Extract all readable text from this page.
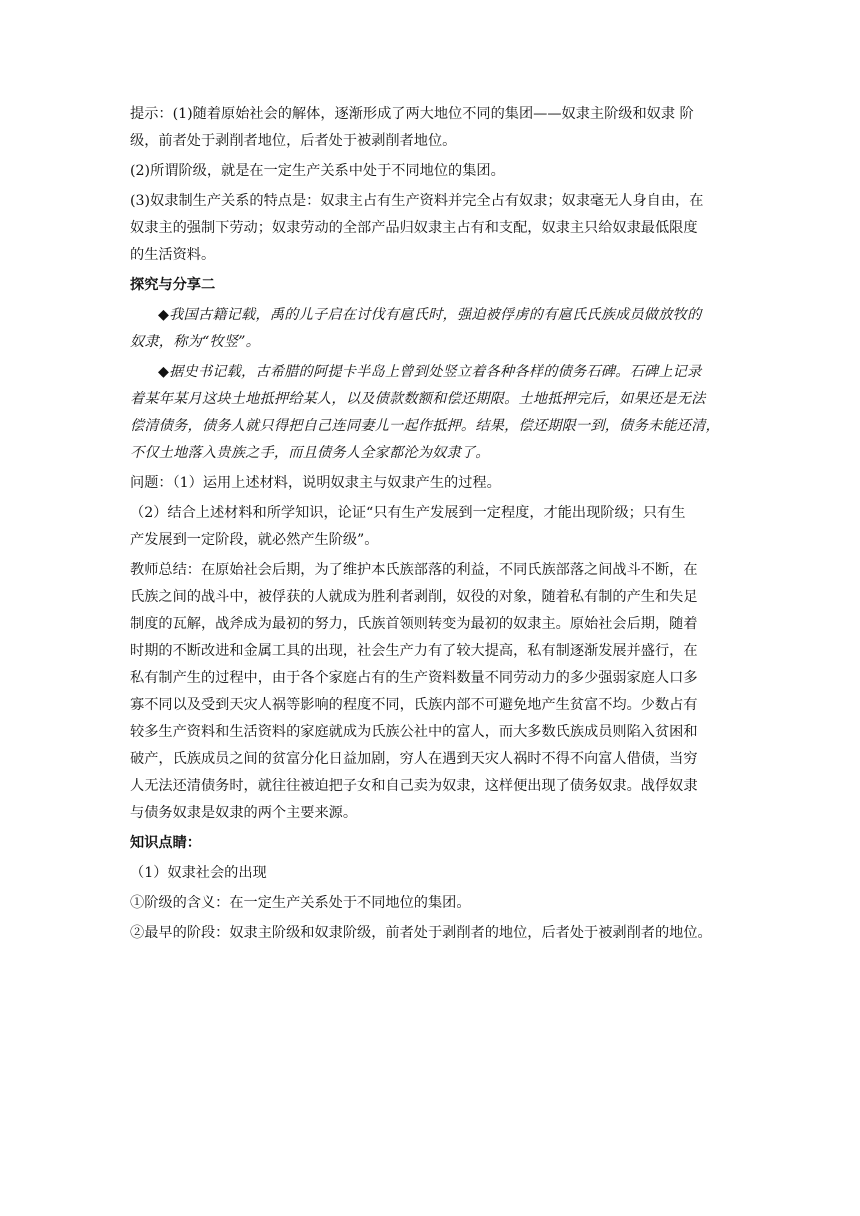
提示：(1)随着原始社会的解体，逐渐形成了两大地位不同的集团——奴隶主阶级和奴隶 阶
级，前者处于剥削者地位，后者处于被剥削者地位。
(2)所谓阶级，就是在一定生产关系中处于不同地位的集团。
(3)奴隶制生产关系的特点是：奴隶主占有生产资料并完全占有奴隶；奴隶毫无人身自由，在
奴隶主的强制下劳动；奴隶劳动的全部产品归奴隶主占有和支配，奴隶主只给奴隶最低限度
的生活资料。
探究与分享二
◆我国古籍记载，禹的儿子启在讨伐有扈氏时，强迫被俘虏的有扈氏氏族成员做放牧的
奴隶，称为“牧竖”。
◆据史书记载，古希腊的阿提卡半岛上曾到处竖立着各种各样的债务石碑。石碑上记录
着某年某月这块土地抵押给某人，以及债款数额和偿还期限。土地抵押完后，如果还是无法
偿清债务，债务人就只得把自己连同妻儿一起作抵押。结果，偿还期限一到，债务未能还清，
不仅土地落入贵族之手，而且债务人全家都沦为奴隶了。
问题：（1）运用上述材料，说明奴隶主与奴隶产生的过程。
（2）结合上述材料和所学知识，论证“只有生产发展到一定程度，才能出现阶级；只有生
产发展到一定阶段，就必然产生阶级”。
教师总结：在原始社会后期，为了维护本氏族部落的利益，不同氏族部落之间战斗不断，在
氏族之间的战斗中，被俘获的人就成为胜利者剥削，奴役的对象，随着私有制的产生和失足
制度的瓦解，战斧成为最初的努力，氏族首领则转变为最初的奴隶主。原始社会后期，随着
时期的不断改进和金属工具的出现，社会生产力有了较大提高，私有制逐渐发展并盛行，在
私有制产生的过程中，由于各个家庭占有的生产资料数量不同劳动力的多少强弱家庭人口多
寡不同以及受到天灾人祸等影响的程度不同，氏族内部不可避免地产生贫富不均。少数占有
较多生产资料和生活资料的家庭就成为氏族公社中的富人，而大多数氏族成员则陷入贫困和
破产，氏族成员之间的贫富分化日益加剧，穷人在遇到天灾人祸时不得不向富人借债，当穷
人无法还清债务时，就往往被迫把子女和自己卖为奴隶，这样便出现了债务奴隶。战俘奴隶
与债务奴隶是奴隶的两个主要来源。
知识点睛：
（1）奴隶社会的出现
①阶级的含义：在一定生产关系处于不同地位的集团。
②最早的阶段：奴隶主阶级和奴隶阶级，前者处于剥削者的地位，后者处于被剥削者的地位。
